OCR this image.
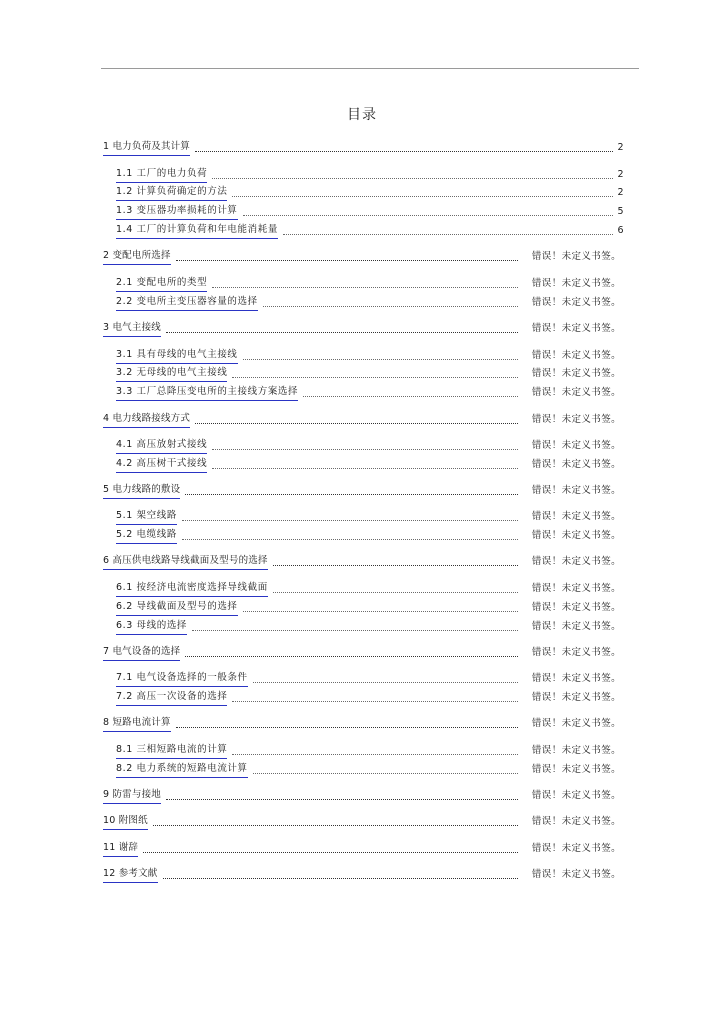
目录
1 电力负荷及其计算	2
1.1 工厂的电力负荷	2
1.2 计算负荷确定的方法	2
1.3 变压器功率损耗的计算	5
1.4 工厂的计算负荷和年电能消耗量	6
2 变配电所选择	错误！未定义书签。
2.1 变配电所的类型	错误！未定义书签。
2.2 变电所主变压器容量的选择	错误！未定义书签。
3 电气主接线	错误！未定义书签。
3.1 具有母线的电气主接线	错误！未定义书签。
3.2 无母线的电气主接线	错误！未定义书签。
3.3 工厂总降压变电所的主接线方案选择	错误！未定义书签。
4 电力线路接线方式	错误！未定义书签。
4.1 高压放射式接线	错误！未定义书签。
4.2 高压树干式接线	错误！未定义书签。
5 电力线路的敷设	错误！未定义书签。
5.1 架空线路	错误！未定义书签。
5.2 电缆线路	错误！未定义书签。
6 高压供电线路导线截面及型号的选择	错误！未定义书签。
6.1 按经济电流密度选择导线截面	错误！未定义书签。
6.2 导线截面及型号的选择	错误！未定义书签。
6.3 母线的选择	错误！未定义书签。
7 电气设备的选择	错误！未定义书签。
7.1 电气设备选择的一般条件	错误！未定义书签。
7.2 高压一次设备的选择	错误！未定义书签。
8 短路电流计算	错误！未定义书签。
8.1 三相短路电流的计算	错误！未定义书签。
8.2 电力系统的短路电流计算	错误！未定义书签。
9 防雷与接地	错误！未定义书签。
10 附图纸	错误！未定义书签。
11 谢辞	错误！未定义书签。
12 参考文献	错误！未定义书签。
